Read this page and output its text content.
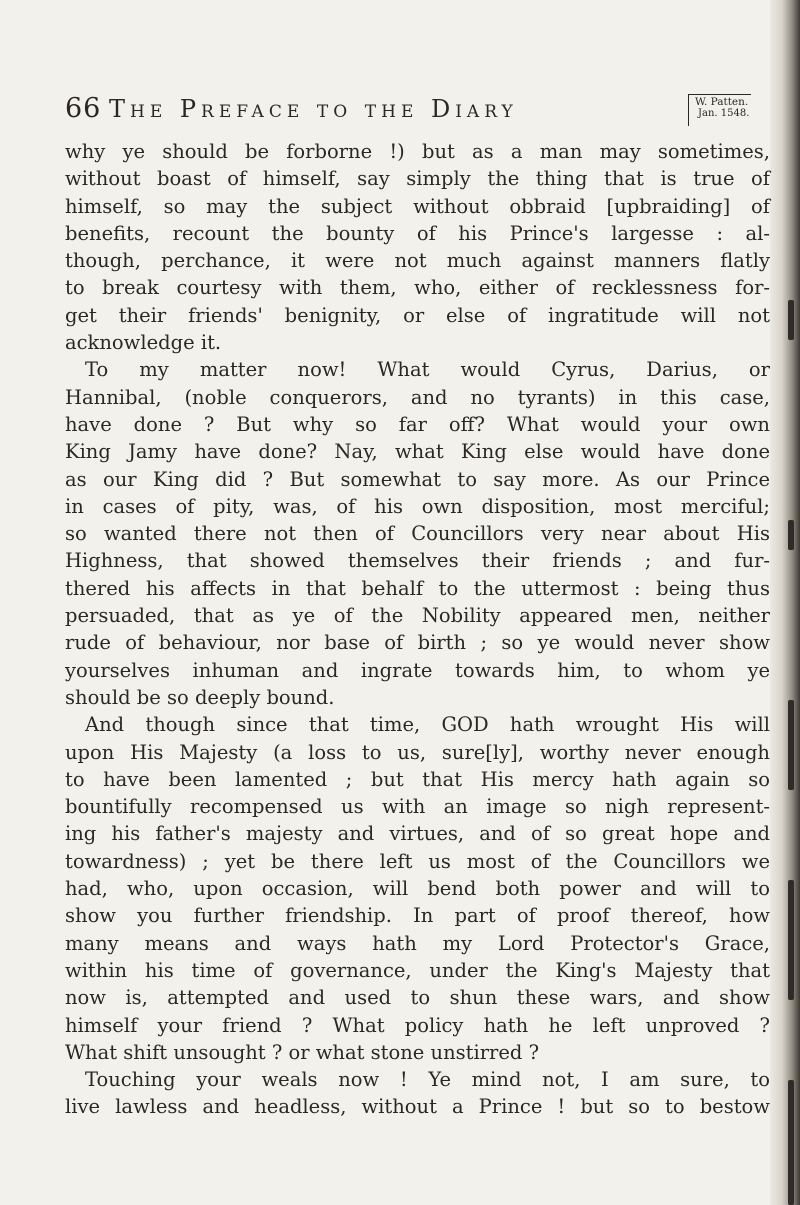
66 The Preface to the Diary	W. Patten.
Jan. 1548.
why ye should be forborne !) but as a man may sometimes,
without boast of himself, say simply the thing that is true of
himself, so may the subject without obbraid [upbraiding] of
benefits, recount the bounty of his Prince's largesse : al-
though, perchance, it were not much against manners flatly
to break courtesy with them, who, either of recklessness for-
get their friends' benignity, or else of ingratitude will not
acknowledge it.
To my matter now! What would Cyrus, Darius, or
Hannibal, (noble conquerors, and no tyrants) in this case,
have done ? But why so far off? What would your own
King Jamy have done? Nay, what King else would have done
as our King did ? But somewhat to say more. As our Prince
in cases of pity, was, of his own disposition, most merciful;
so wanted there not then of Councillors very near about His
Highness, that showed themselves their friends ; and fur-
thered his affects in that behalf to the uttermost : being thus
persuaded, that as ye of the Nobility appeared men, neither
rude of behaviour, nor base of birth ; so ye would never show
yourselves inhuman and ingrate towards him, to whom ye
should be so deeply bound.
And though since that time, GOD hath wrought His will
upon His Majesty (a loss to us, sure[ly], worthy never enough
to have been lamented ; but that His mercy hath again so
bountifully recompensed us with an image so nigh represent-
ing his father's majesty and virtues, and of so great hope and
towardness) ; yet be there left us most of the Councillors we
had, who, upon occasion, will bend both power and will to
show you further friendship. In part of proof thereof, how
many means and ways hath my Lord Protector's Grace,
within his time of governance, under the King's Majesty that
now is, attempted and used to shun these wars, and show
himself your friend ? What policy hath he left unproved ?
What shift unsought ? or what stone unstirred ?
Touching your weals now ! Ye mind not, I am sure, to
live lawless and headless, without a Prince ! but so to bestow
